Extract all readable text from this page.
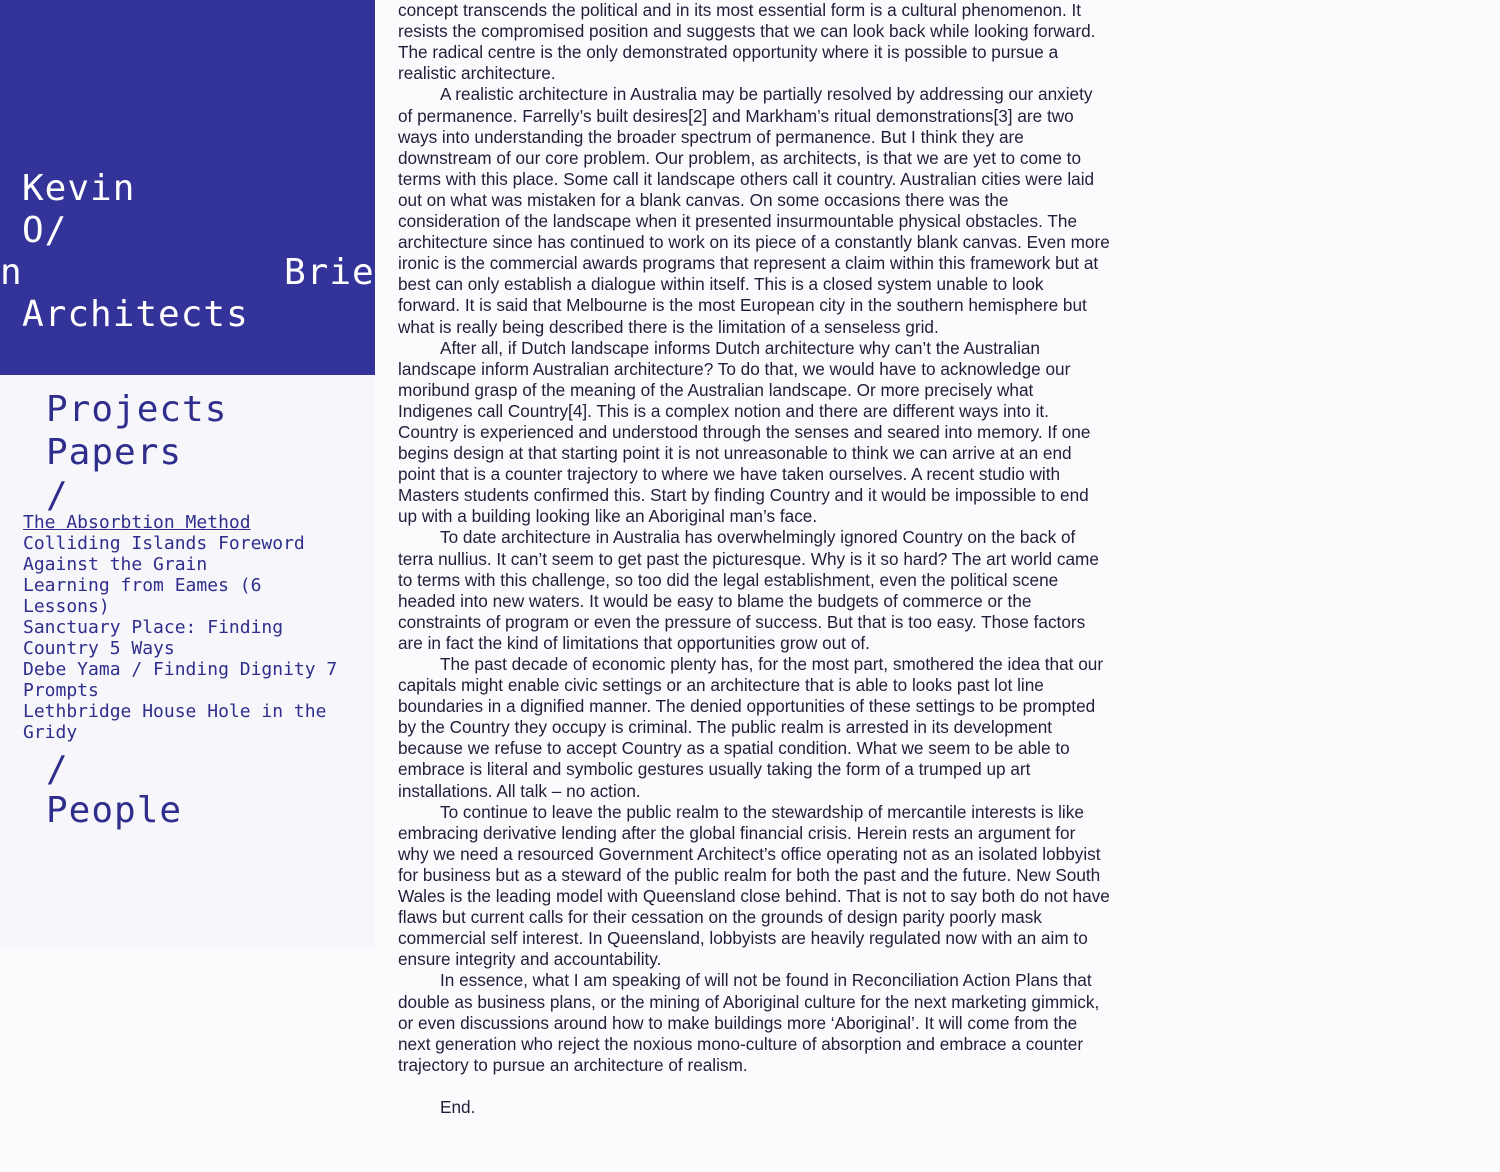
Kevin
O/
n	Brie
Architects
Projects
Papers
/
/
People
The Absorbtion Method
Colliding Islands Foreword
Against the Grain
Learning from Eames (6 Lessons)
Sanctuary Place: Finding Country 5 Ways
Debe Yama / Finding Dignity 7 Prompts
Lethbridge House Hole in the Gridy

concept transcends the political and in its most essential form is a cultural phenomenon. It resists the compromised position and suggests that we can look back while looking forward. The radical centre is the only demonstrated opportunity where it is possible to pursue a realistic architecture.

A realistic architecture in Australia may be partially resolved by addressing our anxiety of permanence. Farrelly’s built desires[2] and Markham’s ritual demonstrations[3] are two ways into understanding the broader spectrum of permanence. But I think they are downstream of our core problem. Our problem, as architects, is that we are yet to come to terms with this place. Some call it landscape others call it country. Australian cities were laid out on what was mistaken for a blank canvas. On some occasions there was the consideration of the landscape when it presented insurmountable physical obstacles. The architecture since has continued to work on its piece of a constantly blank canvas. Even more ironic is the commercial awards programs that represent a claim within this framework but at best can only establish a dialogue within itself. This is a closed system unable to look forward. It is said that Melbourne is the most European city in the southern hemisphere but what is really being described there is the limitation of a senseless grid.

After all, if Dutch landscape informs Dutch architecture why can’t the Australian landscape inform Australian architecture? To do that, we would have to acknowledge our moribund grasp of the meaning of the Australian landscape. Or more precisely what Indigenes call Country[4]. This is a complex notion and there are different ways into it. Country is experienced and understood through the senses and seared into memory. If one begins design at that starting point it is not unreasonable to think we can arrive at an end point that is a counter trajectory to where we have taken ourselves. A recent studio with Masters students confirmed this. Start by finding Country and it would be impossible to end up with a building looking like an Aboriginal man’s face.

To date architecture in Australia has overwhelmingly ignored Country on the back of terra nullius. It can’t seem to get past the picturesque. Why is it so hard? The art world came to terms with this challenge, so too did the legal establishment, even the political scene headed into new waters. It would be easy to blame the budgets of commerce or the constraints of program or even the pressure of success. But that is too easy. Those factors are in fact the kind of limitations that opportunities grow out of.

The past decade of economic plenty has, for the most part, smothered the idea that our capitals might enable civic settings or an architecture that is able to looks past lot line boundaries in a dignified manner. The denied opportunities of these settings to be prompted by the Country they occupy is criminal. The public realm is arrested in its development because we refuse to accept Country as a spatial condition. What we seem to be able to embrace is literal and symbolic gestures usually taking the form of a trumped up art installations. All talk – no action.

To continue to leave the public realm to the stewardship of mercantile interests is like embracing derivative lending after the global financial crisis. Herein rests an argument for why we need a resourced Government Architect’s office operating not as an isolated lobbyist for business but as a steward of the public realm for both the past and the future. New South Wales is the leading model with Queensland close behind. That is not to say both do not have flaws but current calls for their cessation on the grounds of design parity poorly mask commercial self interest. In Queensland, lobbyists are heavily regulated now with an aim to ensure integrity and accountability.

In essence, what I am speaking of will not be found in Reconciliation Action Plans that double as business plans, or the mining of Aboriginal culture for the next marketing gimmick, or even discussions around how to make buildings more ‘Aboriginal’. It will come from the next generation who reject the noxious mono-culture of absorption and embrace a counter trajectory to pursue an architecture of realism.

End.
